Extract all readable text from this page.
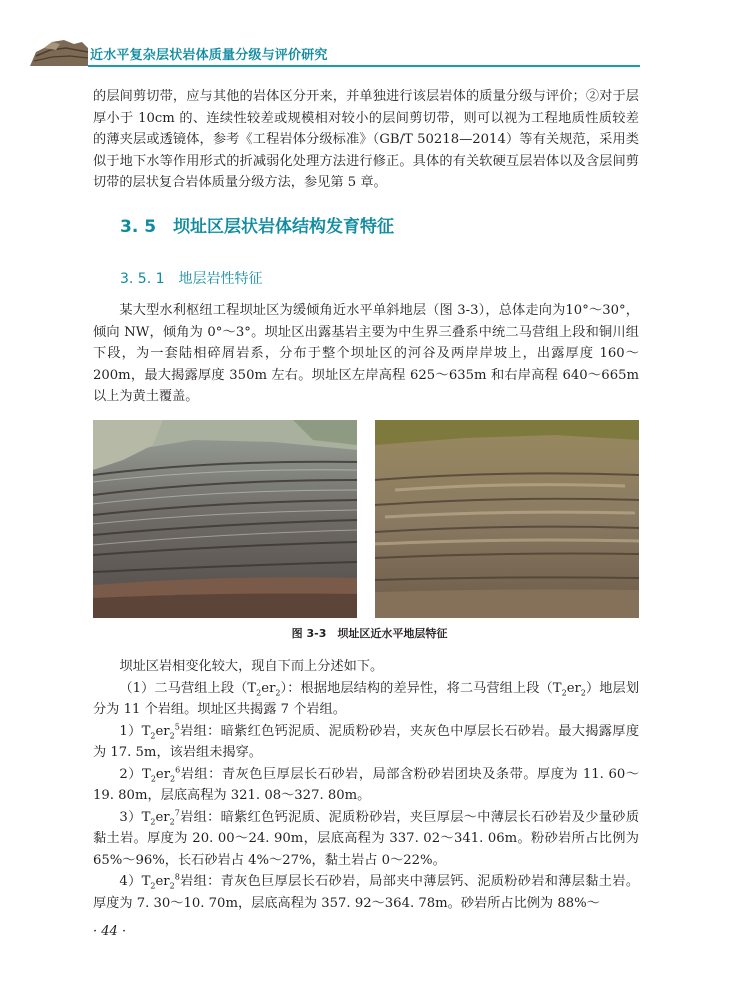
近水平复杂层状岩体质量分级与评价研究

的层间剪切带，应与其他的岩体区分开来，并单独进行该层岩体的质量分级与评价；②对于层厚小于 10cm 的、连续性较差或规模相对较小的层间剪切带，则可以视为工程地质性质较差的薄夹层或透镜体，参考《工程岩体分级标准》（GB/T 50218—2014）等有关规范，采用类似于地下水等作用形式的折减弱化处理方法进行修正。具体的有关软硬互层岩体以及含层间剪切带的层状复合岩体质量分级方法，参见第 5 章。

3. 5　坝址区层状岩体结构发育特征
3. 5. 1　地层岩性特征

某大型水利枢纽工程坝址区为缓倾角近水平单斜地层（图 3-3），总体走向为10°～30°，倾向 NW，倾角为 0°～3°。坝址区出露基岩主要为中生界三叠系中统二马营组上段和铜川组下段，为一套陆相碎屑岩系，分布于整个坝址区的河谷及两岸岸坡上，出露厚度 160～200m，最大揭露厚度 350m 左右。坝址区左岸高程 625～635m 和右岸高程 640～665m 以上为黄土覆盖。

图 3-3　坝址区近水平地层特征

坝址区岩相变化较大，现自下而上分述如下。

（1）二马营组上段$(T_2er_2)$：根据地层结构的差异性，将二马营组上段$(T_2er_2)$地层划分为 11 个岩组。坝址区共揭露 7 个岩组。

$1)T_2er_2^5$岩组：暗紫红色钙泥质、泥质粉砂岩，夹灰色中厚层长石砂岩。最大揭露厚度为 17. 5m，该岩组未揭穿。

$2)T_2er_2^6$岩组：青灰色巨厚层长石砂岩，局部含粉砂岩团块及条带。厚度为 11. 60～19. 80m，层底高程为 321. 08～327. 80m。

$3)T_2er_2^7$岩组：暗紫红色钙泥质、泥质粉砂岩，夹巨厚层～中薄层长石砂岩及少量砂质黏土岩。厚度为 20. 00～24. 90m，层底高程为 337. 02～341. 06m。粉砂岩所占比例为 65%～96%，长石砂岩占 4%～27%，黏土岩占 0～22%。

$4)T_2er_2^8$岩组：青灰色巨厚层长石砂岩，局部夹中薄层钙、泥质粉砂岩和薄层黏土岩。厚度为 7. 30～10. 70m，层底高程为 357. 92～364. 78m。砂岩所占比例为 88%～

· 44 ·
